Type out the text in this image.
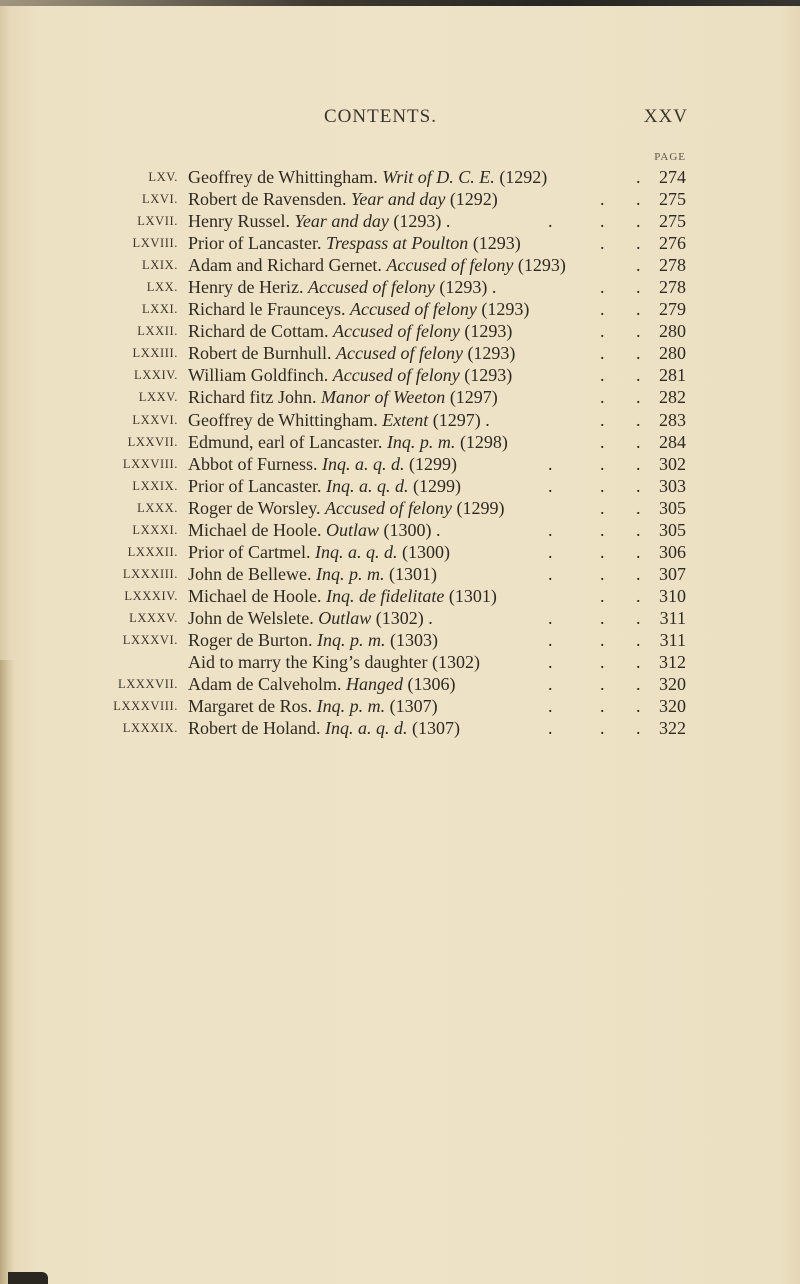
CONTENTS.	XXV
PAGE
LXV. Geoffrey de Whittingham. Writ of D. C. E. (1292)	.	274
LXVI. Robert de Ravensden. Year and day (1292)	. .	275
LXVII. Henry Russel. Year and day (1293) .	.	. .	275
LXVIII. Prior of Lancaster. Trespass at Poulton (1293)	. .	276
LXIX. Adam and Richard Gernet. Accused of felony (1293)	.	278
LXX. Henry de Heriz. Accused of felony (1293) .	. .	278
LXXI. Richard le Fraunceys. Accused of felony (1293)	. .	279
LXXII. Richard de Cottam. Accused of felony (1293)	. .	280
LXXIII. Robert de Burnhull. Accused of felony (1293)	. .	280
LXXIV. William Goldfinch. Accused of felony (1293)	. .	281
LXXV. Richard fitz John. Manor of Weeton (1297)	. .	282
LXXVI. Geoffrey de Whittingham. Extent (1297) .	. .	283
LXXVII. Edmund, earl of Lancaster. Inq. p. m. (1298)	. .	284
LXXVIII. Abbot of Furness. Inq. a. q. d. (1299)	.	. .	302
LXXIX. Prior of Lancaster. Inq. a. q. d. (1299)	.	. .	303
LXXX. Roger de Worsley. Accused of felony (1299)	. .	305
LXXXI. Michael de Hoole. Outlaw (1300) .	.	. .	305
LXXXII. Prior of Cartmel. Inq. a. q. d. (1300)	.	. .	306
LXXXIII. John de Bellewe. Inq. p. m. (1301)	.	. .	307
LXXXIV. Michael de Hoole. Inq. de fidelitate (1301)	. .	310
LXXXV. John de Welslete. Outlaw (1302) .	.	. .	311
LXXXVI. Roger de Burton. Inq. p. m. (1303)	.	. .	311
Aid to marry the King’s daughter (1302)	.	. .	312
LXXXVII. Adam de Calveholm. Hanged (1306)	.	. .	320
LXXXVIII. Margaret de Ros. Inq. p. m. (1307)	.	. .	320
LXXXIX. Robert de Holand. Inq. a. q. d. (1307)	.	. .	322
